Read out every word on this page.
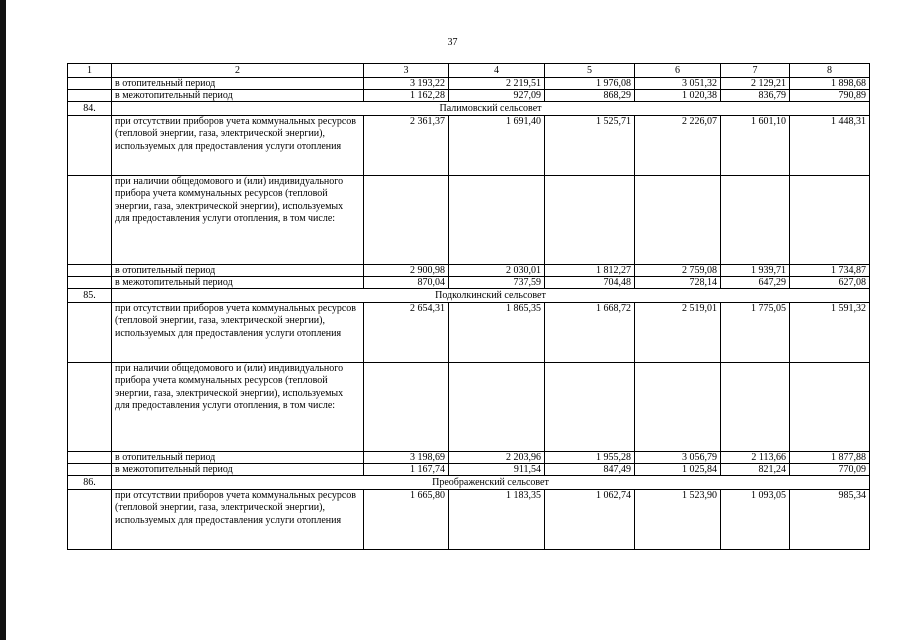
37
1	2	3	4	5	6	7	8
	в отопительный период	3 193,22	2 219,51	1 976,08	3 051,32	2 129,21	1 898,68
	в межотопительный период	1 162,28	927,09	868,29	1 020,38	836,79	790,89
84.	Палимовский сельсовет						
	при отсутствии приборов учета коммунальных ресурсов (тепловой энергии, газа, электрической энергии), используемых для предоставления услуги отопления	2 361,37	1 691,40	1 525,71	2 226,07	1 601,10	1 448,31
	при наличии общедомового и (или) индивидуального прибора учета коммунальных ресурсов (тепловой энергии, газа, электрической энергии), используемых для предоставления услуги отопления, в том числе:						
	в отопительный период	2 900,98	2 030,01	1 812,27	2 759,08	1 939,71	1 734,87
	в межотопительный период	870,04	737,59	704,48	728,14	647,29	627,08
85.	Подколкинский сельсовет						
	при отсутствии приборов учета коммунальных ресурсов (тепловой энергии, газа, электрической энергии), используемых для предоставления услуги отопления	2 654,31	1 865,35	1 668,72	2 519,01	1 775,05	1 591,32
	при наличии общедомового и (или) индивидуального прибора учета коммунальных ресурсов (тепловой энергии, газа, электрической энергии), используемых для предоставления услуги отопления, в том числе:						
	в отопительный период	3 198,69	2 203,96	1 955,28	3 056,79	2 113,66	1 877,88
	в межотопительный период	1 167,74	911,54	847,49	1 025,84	821,24	770,09
86.	Преображенский сельсовет						
	при отсутствии приборов учета коммунальных ресурсов (тепловой энергии, газа, электрической энергии), используемых для предоставления услуги отопления	1 665,80	1 183,35	1 062,74	1 523,90	1 093,05	985,34
